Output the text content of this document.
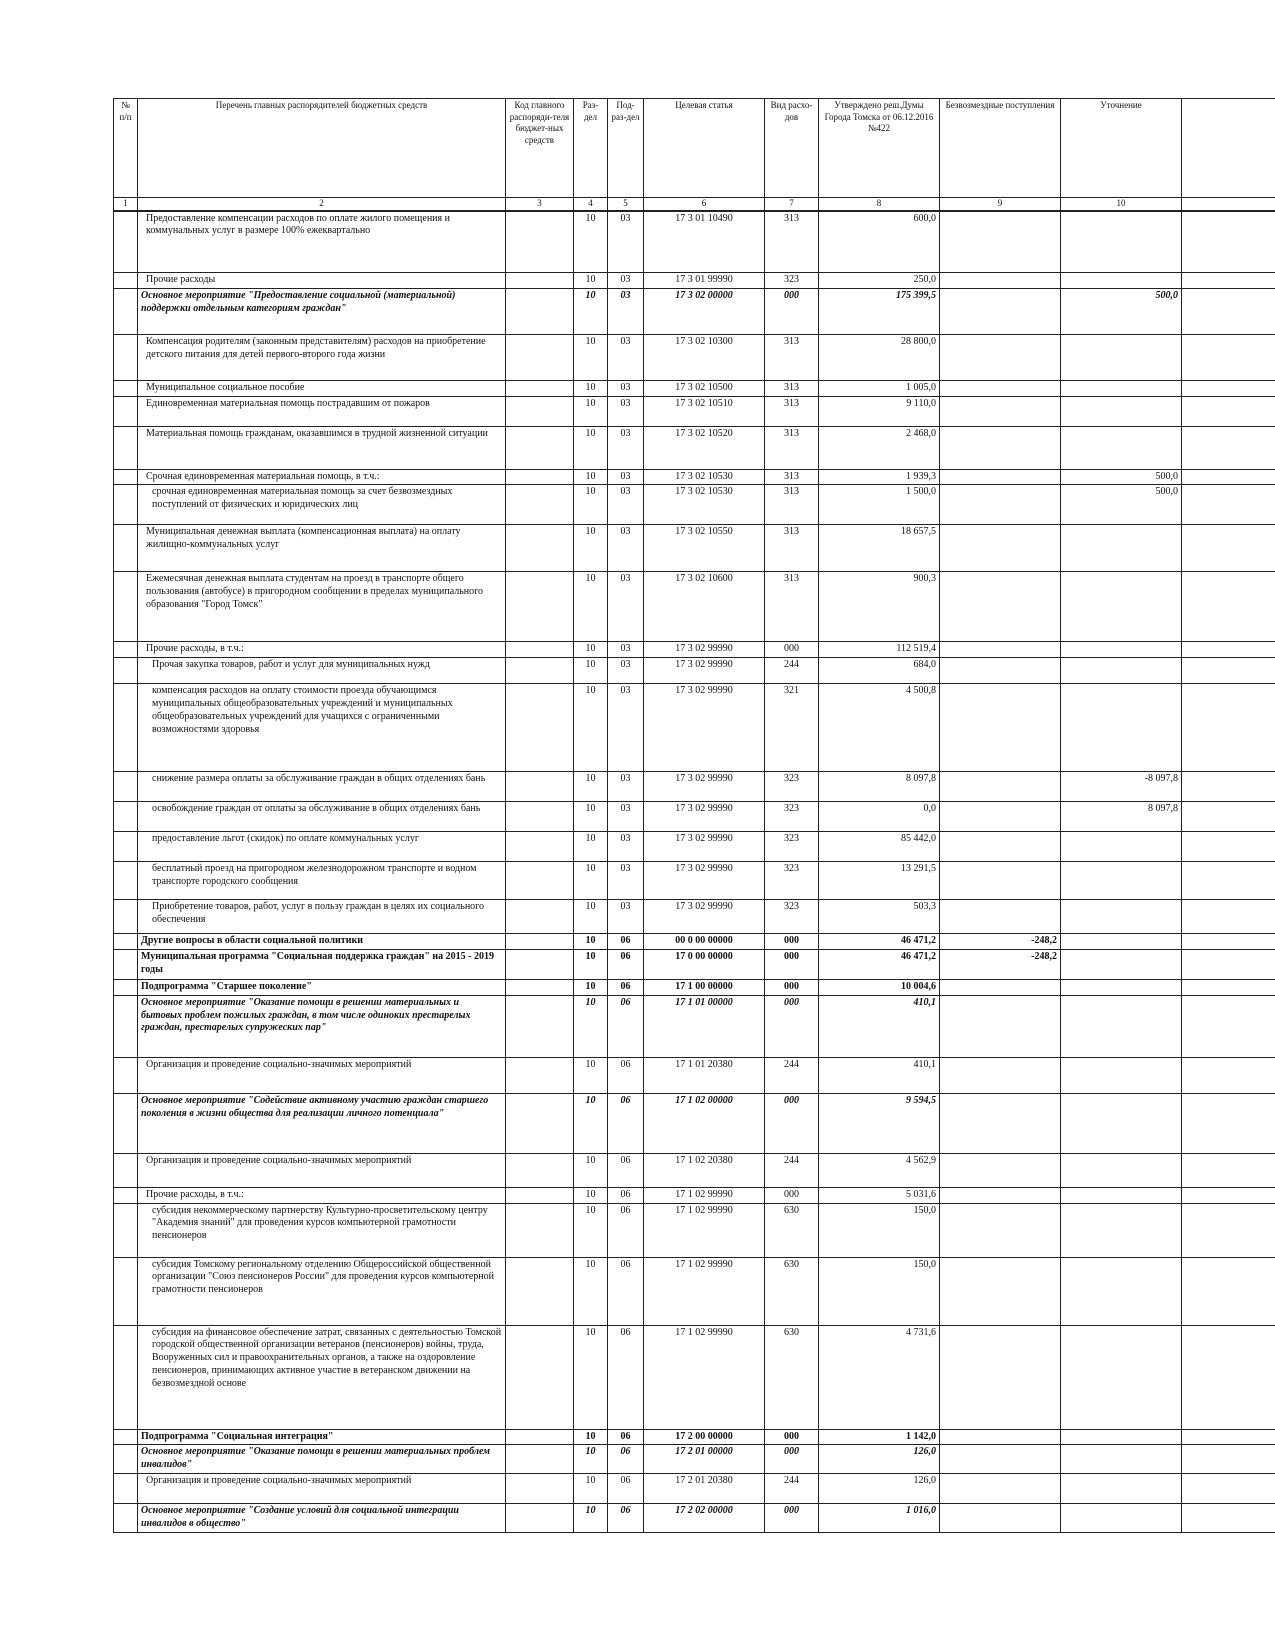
№ п/п	Перечень главных распорядителей бюджетных средств	Код главного распоряди-теля бюджет-ных средств	Раз-дел	Под-раз-дел	Целевая статья	Вид расхо-дов	Утверждено реш.Думы Города Томска от 06.12.2016 №422	Безвозмездные поступления	Уточнение	
1	2	3	4	5	6	7	8	9	10	
	Предоставление компенсации расходов по оплате жилого помещения и коммунальных услуг в размере 100% ежеквартально		10	03	17 3 01 10490	313	600,0			
	Прочие расходы		10	03	17 3 01 99990	323	250,0			
	Основное мероприятие "Предоставление социальной (материальной) поддержки отдельным категориям граждан"		10	03	17 3 02 00000	000	175 399,5		500,0	
	Компенсация родителям (законным представителям) расходов на приобретение детского питания для детей первого-второго года жизни		10	03	17 3 02 10300	313	28 800,0			
	Муниципальное социальное пособие		10	03	17 3 02 10500	313	1 005,0			
	Единовременная материальная помощь пострадавшим от пожаров		10	03	17 3 02 10510	313	9 110,0			
	Материальная помощь гражданам, оказавшимся в трудной жизненной ситуации		10	03	17 3 02 10520	313	2 468,0			
	Срочная единовременная материальная помощь, в т.ч.:		10	03	17 3 02 10530	313	1 939,3		500,0	
	срочная единовременная материальная помощь за счет безвозмездных поступлений от физических и юридических лиц		10	03	17 3 02 10530	313	1 500,0		500,0	
	Муниципальная денежная выплата (компенсационная выплата) на оплату жилищно-коммунальных услуг		10	03	17 3 02 10550	313	18 657,5			
	Ежемесячная денежная выплата студентам на проезд в транспорте общего пользования (автобусе) в пригородном сообщении в пределах муниципального образования "Город Томск"		10	03	17 3 02 10600	313	900,3			
	Прочие расходы, в т.ч.:		10	03	17 3 02 99990	000	112 519,4			
	Прочая закупка товаров, работ и услуг для муниципальных нужд		10	03	17 3 02 99990	244	684,0			
	компенсация расходов на оплату стоимости проезда обучающимся муниципальных общеобразовательных учреждений и муниципальных общеобразовательных учреждений для учащихся с ограниченными возможностями здоровья		10	03	17 3 02 99990	321	4 500,8			
	снижение размера оплаты за обслуживание граждан в общих отделениях бань		10	03	17 3 02 99990	323	8 097,8		-8 097,8	
	освобождение граждан от оплаты за обслуживание в общих отделениях бань		10	03	17 3 02 99990	323	0,0		8 097,8	
	предоставление льгот (скидок) по оплате коммунальных услуг		10	03	17 3 02 99990	323	85 442,0			
	бесплатный проезд на пригородном железнодорожном транспорте и водном транспорте городского сообщения		10	03	17 3 02 99990	323	13 291,5			
	Приобретение товаров, работ, услуг в пользу граждан в целях их социального обеспечения		10	03	17 3 02 99990	323	503,3			
	Другие вопросы в области социальной политики		10	06	00 0 00 00000	000	46 471,2	-248,2		
	Муниципальная программа "Социальная поддержка граждан" на 2015 - 2019 годы		10	06	17 0 00 00000	000	46 471,2	-248,2		
	Подпрограмма "Старшее поколение"		10	06	17 1 00 00000	000	10 004,6			
	Основное мероприятие "Оказание помощи в решении материальных и бытовых проблем пожилых граждан, в том числе одиноких престарелых граждан, престарелых супружеских пар"		10	06	17 1 01 00000	000	410,1			
	Организация и проведение социально-значимых мероприятий		10	06	17 1 01 20380	244	410,1			
	Основное мероприятие "Содействие активному участию граждан старшего поколения в жизни общества для реализации личного потенциала"		10	06	17 1 02 00000	000	9 594,5			
	Организация и проведение социально-значимых мероприятий		10	06	17 1 02 20380	244	4 562,9			
	Прочие расходы, в т.ч.:		10	06	17 1 02 99990	000	5 031,6			
	субсидия некоммерческому партнерству Культурно-просветительскому центру "Академия знаний" для проведения курсов компьютерной грамотности пенсионеров		10	06	17 1 02 99990	630	150,0			
	субсидия Томскому региональному отделению Общероссийской общественной организации "Союз пенсионеров России" для проведения курсов компьютерной грамотности пенсионеров		10	06	17 1 02 99990	630	150,0			
	субсидия на финансовое обеспечение затрат, связанных с деятельностью Томской городской общественной организации ветеранов (пенсионеров) войны, труда, Вооруженных сил и правоохранительных органов, а также на оздоровление пенсионеров, принимающих активное участие в ветеранском движении на безвозмездной основе		10	06	17 1 02 99990	630	4 731,6			
	Подпрограмма "Социальная интеграция"		10	06	17 2 00 00000	000	1 142,0			
	Основное мероприятие "Оказание помощи в решении материальных проблем инвалидов"		10	06	17 2 01 00000	000	126,0			
	Организация и проведение социально-значимых мероприятий		10	06	17 2 01 20380	244	126,0			
	Основное мероприятие "Создание условий для социальной интеграции инвалидов в общество"		10	06	17 2 02 00000	000	1 016,0			
